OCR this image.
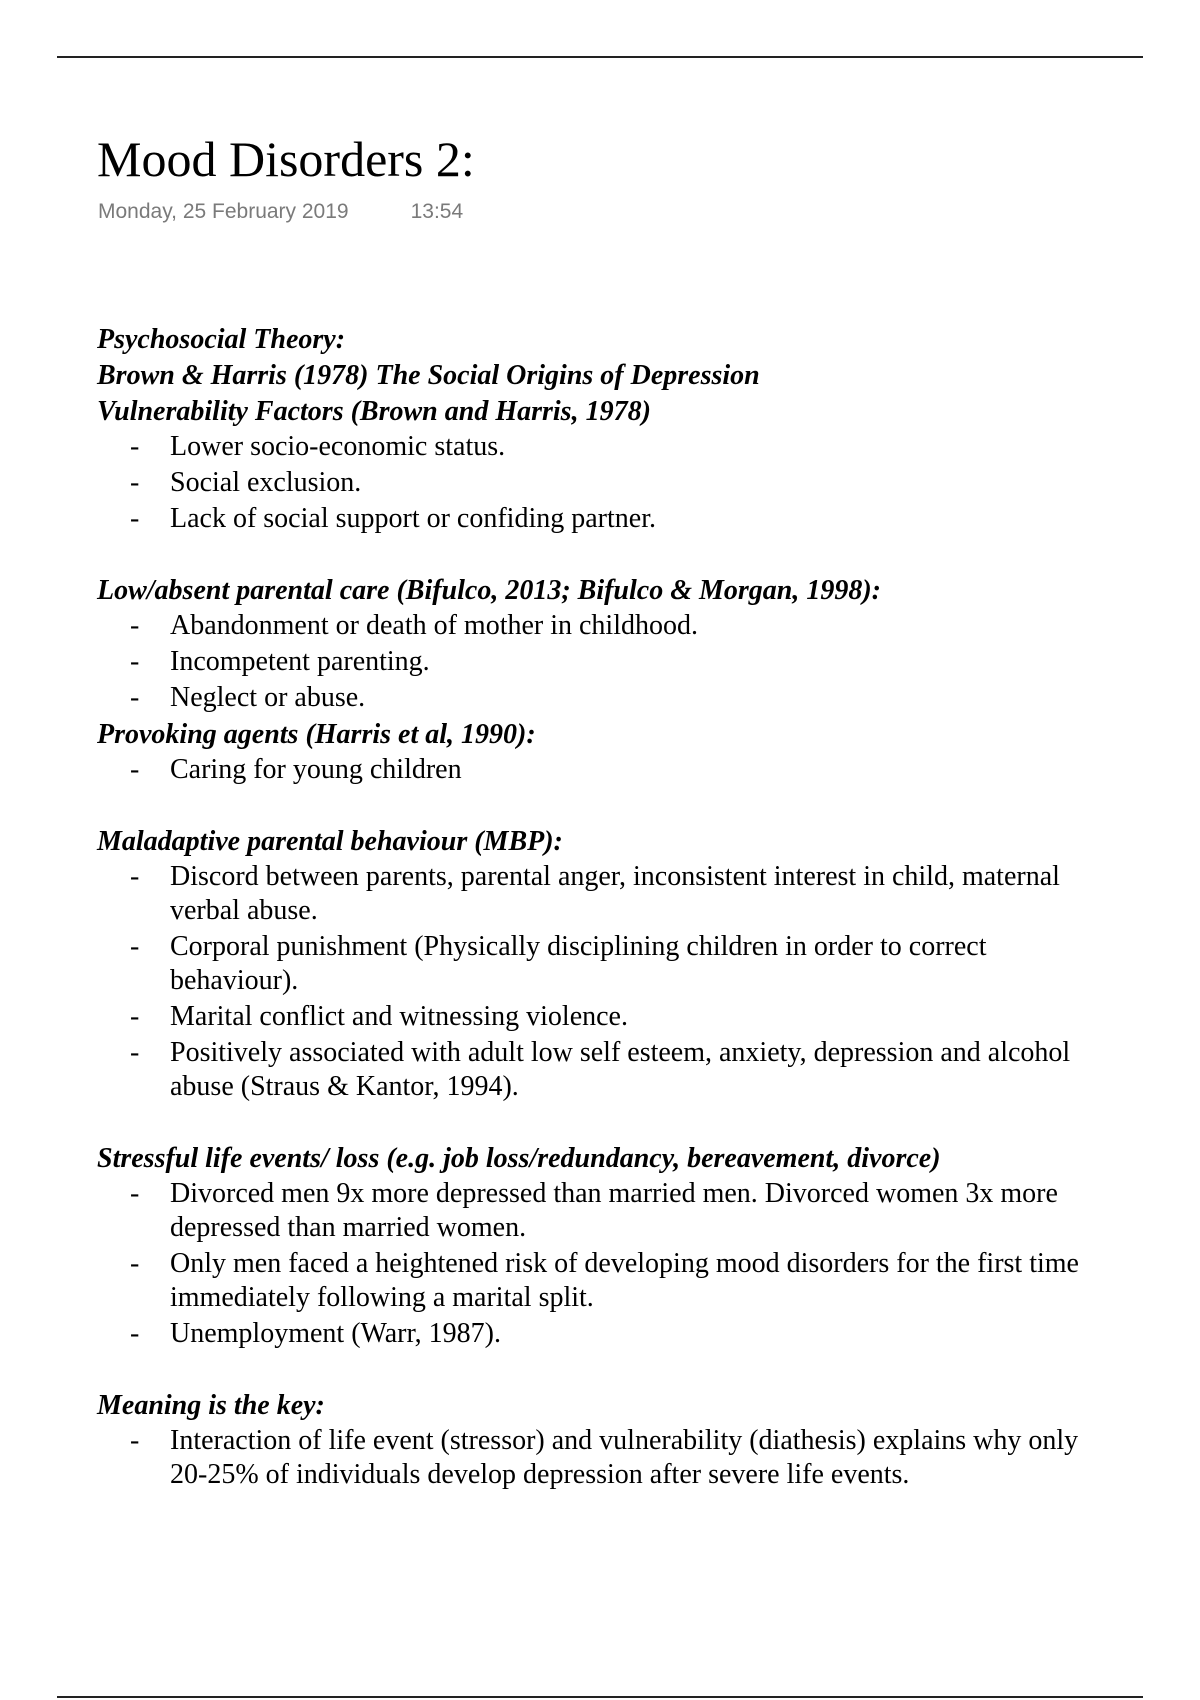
Mood Disorders 2:
Monday, 25 February 2019	13:54

Psychosocial Theory:

Brown & Harris (1978) The Social Origins of Depression

Vulnerability Factors (Brown and Harris, 1978)

- Lower socio-economic status.
- Social exclusion.
- Lack of social support or confiding partner.

Low/absent parental care (Bifulco, 2013; Bifulco & Morgan, 1998):

- Abandonment or death of mother in childhood.
- Incompetent parenting.
- Neglect or abuse.

Provoking agents (Harris et al, 1990):

- Caring for young children

Maladaptive parental behaviour (MBP):

- Discord between parents, parental anger, inconsistent interest in child, maternal verbal abuse.
- Corporal punishment (Physically disciplining children in order to correct behaviour).
- Marital conflict and witnessing violence.
- Positively associated with adult low self esteem, anxiety, depression and alcohol abuse (Straus & Kantor, 1994).

Stressful life events/ loss (e.g. job loss/redundancy, bereavement, divorce)

- Divorced men 9x more depressed than married men. Divorced women 3x more depressed than married women.
- Only men faced a heightened risk of developing mood disorders for the first time immediately following a marital split.
- Unemployment (Warr, 1987).

Meaning is the key:

- Interaction of life event (stressor) and vulnerability (diathesis) explains why only 20-25% of individuals develop depression after severe life events.
